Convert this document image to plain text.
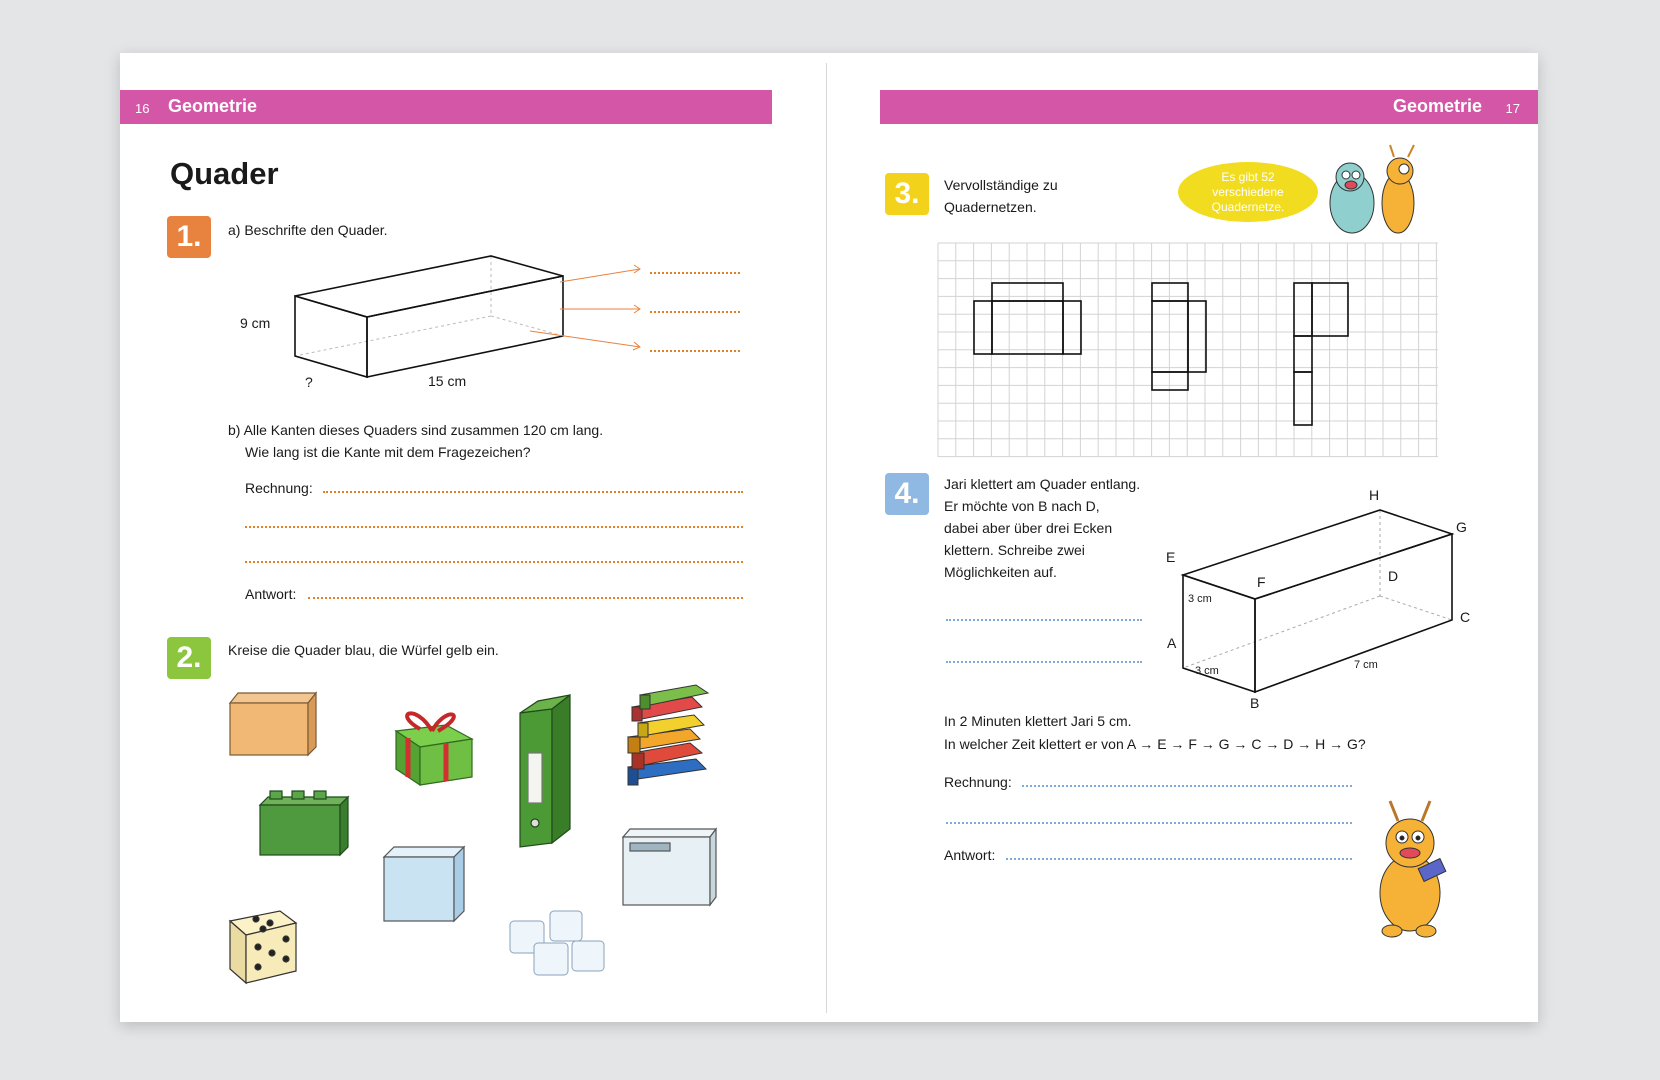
16 Geometrie
Quader
1.	a) Beschrifte den Quader.
9 cm
?	15 cm
b) Alle Kanten dieses Quaders sind zusammen 120 cm lang.
Wie lang ist die Kante mit dem Fragezeichen?
Rechnung:
Antwort:
2.	Kreise die Quader blau, die Würfel gelb ein.
Geometrie 17
3.	Vervollständige zu
Quadernetzen.
Es gibt 52
verschiedene
Quadernetze.
4.	Jari klettert am Quader entlang.
Er möchte von B nach D,
dabei aber über drei Ecken
klettern. Schreibe zwei
Möglichkeiten auf.
H
G
E
F	D
C
A
B
3 cm
3 cm	7 cm
In 2 Minuten klettert Jari 5 cm.
In welcher Zeit klettert er von A → E → F → G → C → D → H → G?
Rechnung:
Antwort:
